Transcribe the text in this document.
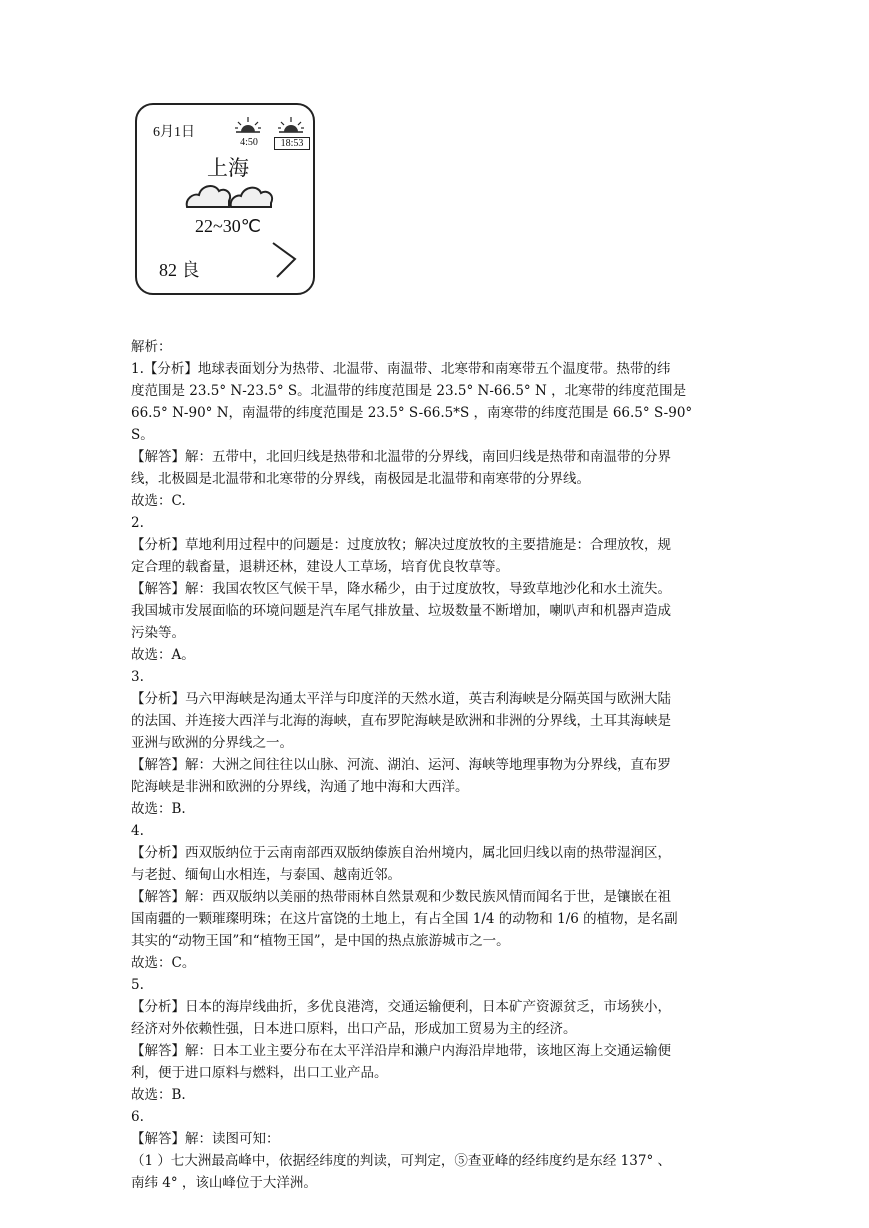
6月1日
4:50	18:53
上海
22~30℃
82 良
解析：
1.【分析】地球表面划分为热带、北温带、南温带、北寒带和南寒带五个温度带。热带的纬
度范围是 23.5° N-23.5° S。北温带的纬度范围是 23.5° N-66.5° N ，北寒带的纬度范围是
66.5° N-90° N，南温带的纬度范围是 23.5° S-66.5*S ，南寒带的纬度范围是 66.5° S-90°
S。
【解答】解：五带中，北回归线是热带和北温带的分界线，南回归线是热带和南温带的分界
线，北极圆是北温带和北寒带的分界线，南极园是北温带和南寒带的分界线。
故选：C.
2.
【分析】草地利用过程中的问题是：过度放牧；解决过度放牧的主要措施是：合理放牧，规
定合理的载畜量，退耕还林，建设人工草场，培育优良牧草等。
【解答】解：我国农牧区气候干旱，降水稀少，由于过度放牧，导致草地沙化和水土流失。
我国城市发展面临的环境问题是汽车尾气排放量、垃圾数量不断增加，喇叭声和机器声造成
污染等。
故选：A。
3.
【分析】马六甲海峡是沟通太平洋与印度洋的天然水道，英吉利海峡是分隔英国与欧洲大陆
的法国、并连接大西洋与北海的海峡，直布罗陀海峡是欧洲和非洲的分界线，土耳其海峡是
亚洲与欧洲的分界线之一。
【解答】解：大洲之间往往以山脉、河流、湖泊、运河、海峡等地理事物为分界线，直布罗
陀海峡是非洲和欧洲的分界线，沟通了地中海和大西洋。
故选：B.
4.
【分析】西双版纳位于云南南部西双版纳傣族自治州境内，属北回归线以南的热带湿润区，
与老挝、缅甸山水相连，与泰国、越南近邻。
【解答】解：西双版纳以美丽的热带雨林自然景观和少数民族风情而闻名于世，是镶嵌在祖
国南疆的一颗璀璨明珠；在这片富饶的土地上，有占全国 1/4 的动物和 1/6 的植物，是名副
其实的“动物王国”和“植物王国”，是中国的热点旅游城市之一。
故选：C。
5.
【分析】日本的海岸线曲折，多优良港湾，交通运输便利，日本矿产资源贫乏，市场狭小，
经济对外依赖性强，日本进口原料，出口产品，形成加工贸易为主的经济。
【解答】解：日本工业主要分布在太平洋沿岸和濑户内海沿岸地带，该地区海上交通运输便
利，便于进口原料与燃料，出口工业产品。
故选：B.
6.
【解答】解：读图可知：
（1 ）七大洲最高峰中，依据经纬度的判读，可判定，⑤查亚峰的经纬度约是东经 137° 、
南纬 4° ，该山峰位于大洋洲。
